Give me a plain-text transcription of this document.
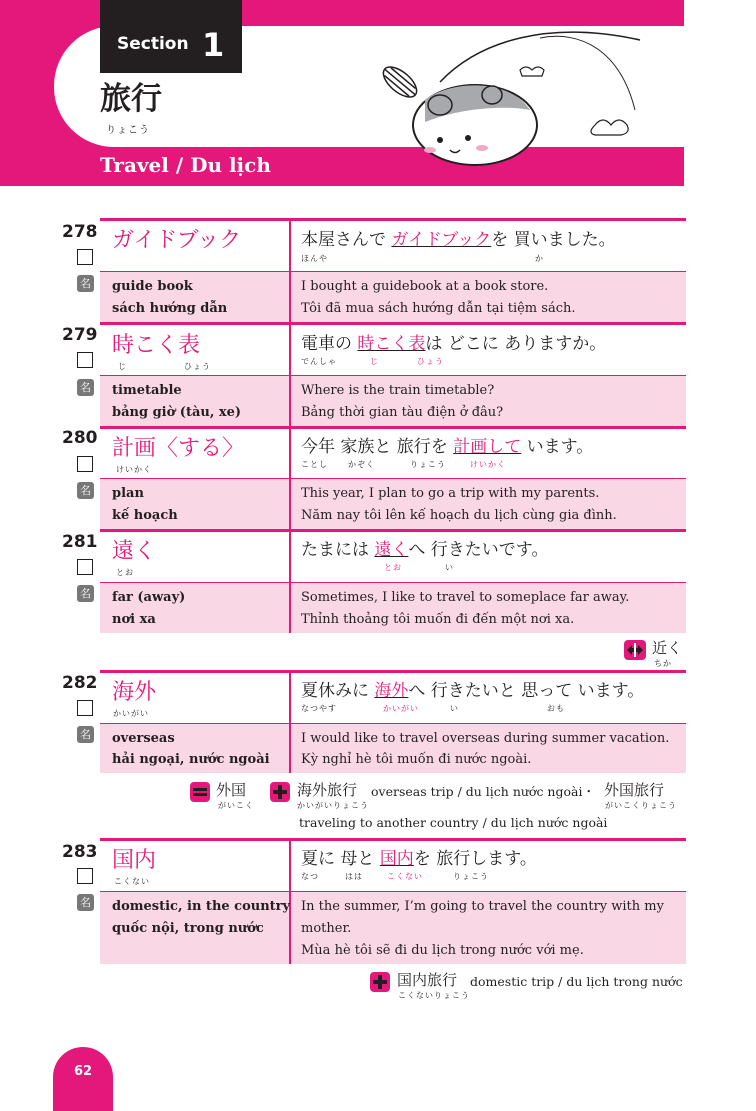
Section 1
旅行
りょこう
Travel / Du lịch
278
名
ガイドブック	本屋さんで ガイドブックを 買いました。
ほんや	か
guide book
sách hướng dẫn
I bought a guidebook at a book store.
Tôi đã mua sách hướng dẫn tại tiệm sách.
279
名
時こく表
じ	ひょう
電車の 時こく表は どこに ありますか。
でんしゃ	じ	ひょう
timetable
bảng giờ (tàu, xe)
Where is the train timetable?
Bảng thời gian tàu điện ở đâu?
280
名
計画〈する〉
けいかく
今年 家族と 旅行を 計画して います。
ことし	かぞく	りょこう	けいかく
plan
kế hoạch
This year, I plan to go a trip with my parents.
Năm nay tôi lên kế hoạch du lịch cùng gia đình.
281
名
遠く
とお
たまには 遠くへ 行きたいです。
とお	い
far (away)
nơi xa
Sometimes, I like to travel to someplace far away.
Thỉnh thoảng tôi muốn đi đến một nơi xa.
近く
ちか
282
名
海外
かいがい
夏休みに 海外へ 行きたいと 思って います。
なつやす	かいがい	い	おも
overseas
hải ngoại, nước ngoài
I would like to travel overseas during summer vacation.
Kỳ nghỉ hè tôi muốn đi nước ngoài.
外国
がいこく
海外旅行
かいがいりょこう
overseas trip / du lịch nước ngoài・ 外国旅行
がいこくりょこう
traveling to another country / du lịch nước ngoài
283
名
国内
こくない
夏に 母と 国内を 旅行します。
なつ	はは	こくない	りょこう
domestic, in the country
quốc nội, trong nước
In the summer, I’m going to travel the country with my
mother.
Mùa hè tôi sẽ đi du lịch trong nước với mẹ.
国内旅行
こくないりょこう
domestic trip / du lịch trong nước
62
